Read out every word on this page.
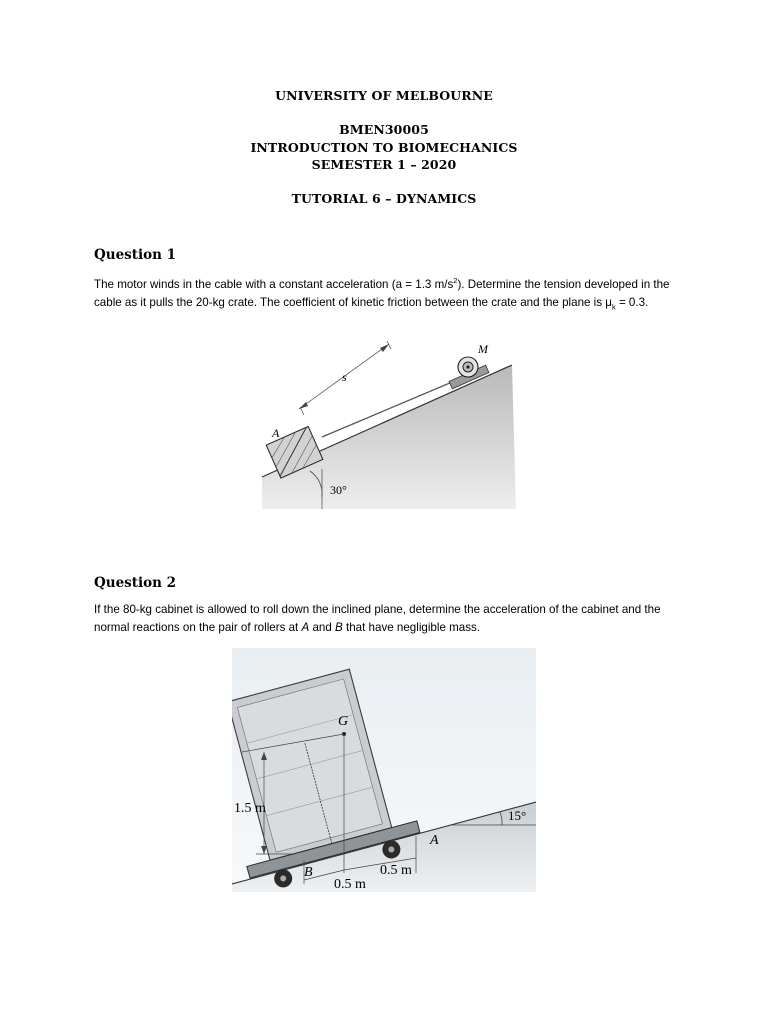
UNIVERSITY OF MELBOURNE
BMEN30005
INTRODUCTION TO BIOMECHANICS
SEMESTER 1 – 2020
TUTORIAL 6 – DYNAMICS
Question 1
The motor winds in the cable with a constant acceleration (a = 1.3 $m/s^2$). Determine the tension developed in the cable as it pulls the 20-kg crate. The coefficient of kinetic friction between the crate and the plane is $\mu_k = 0.3$.
M
s
A
30°
Question 2
If the 80-kg cabinet is allowed to roll down the inclined plane, determine the acceleration of the cabinet and the normal reactions on the pair of rollers at A and B that have negligible mass.
G
1.5 m	15°
A
B	0.5 m
0.5 m
